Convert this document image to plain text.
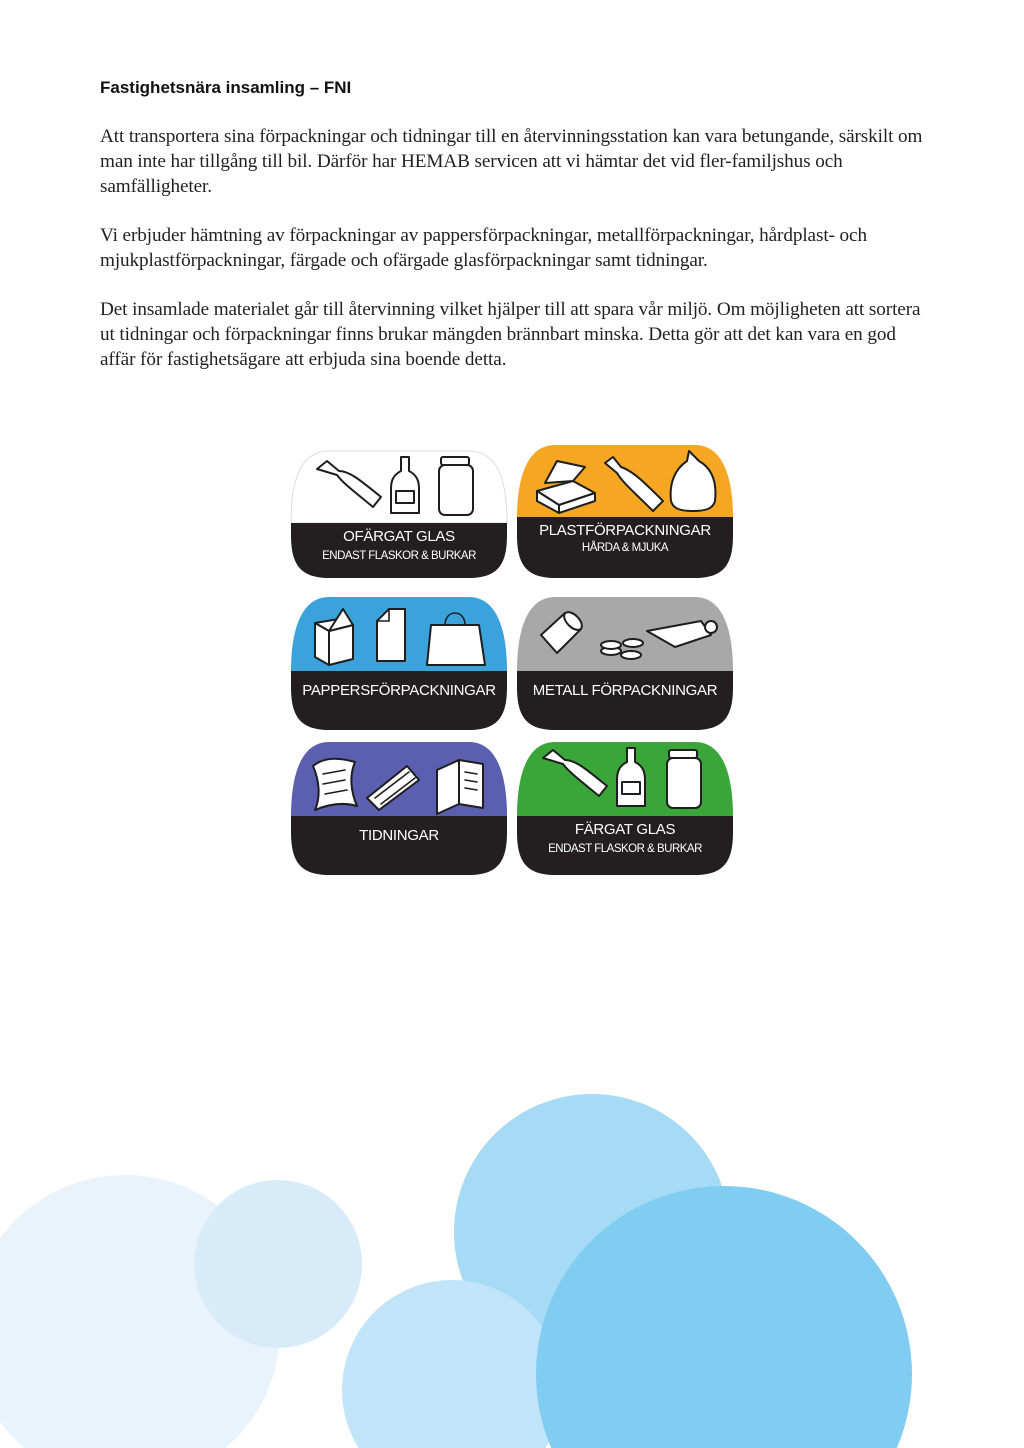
Fastighetsnära insamling – FNI

Att transportera sina förpackningar och tidningar till en återvinningsstation kan vara betungande, särskilt om man inte har tillgång till bil. Därför har HEMAB servicen att vi hämtar det vid fler-familjshus och samfälligheter.

Vi erbjuder hämtning av förpackningar av pappersförpackningar, metallförpackningar, hårdplast- och mjukplastförpackningar, färgade och ofärgade glasförpackningar samt tidningar.

Det insamlade materialet går till återvinning vilket hjälper till att spara vår miljö. Om möjligheten att sortera ut tidningar och förpackningar finns brukar mängden brännbart minska. Detta gör att det kan vara en god affär för fastighetsägare att erbjuda sina boende detta.

OFÄRGAT GLAS
ENDAST FLASKOR & BURKAR
PLASTFÖRPACKNINGAR
HÅRDA & MJUKA
PAPPERSFÖRPACKNINGAR METALL FÖRPACKNINGAR
TIDNINGAR	FÄRGAT GLAS
ENDAST FLASKOR & BURKAR
